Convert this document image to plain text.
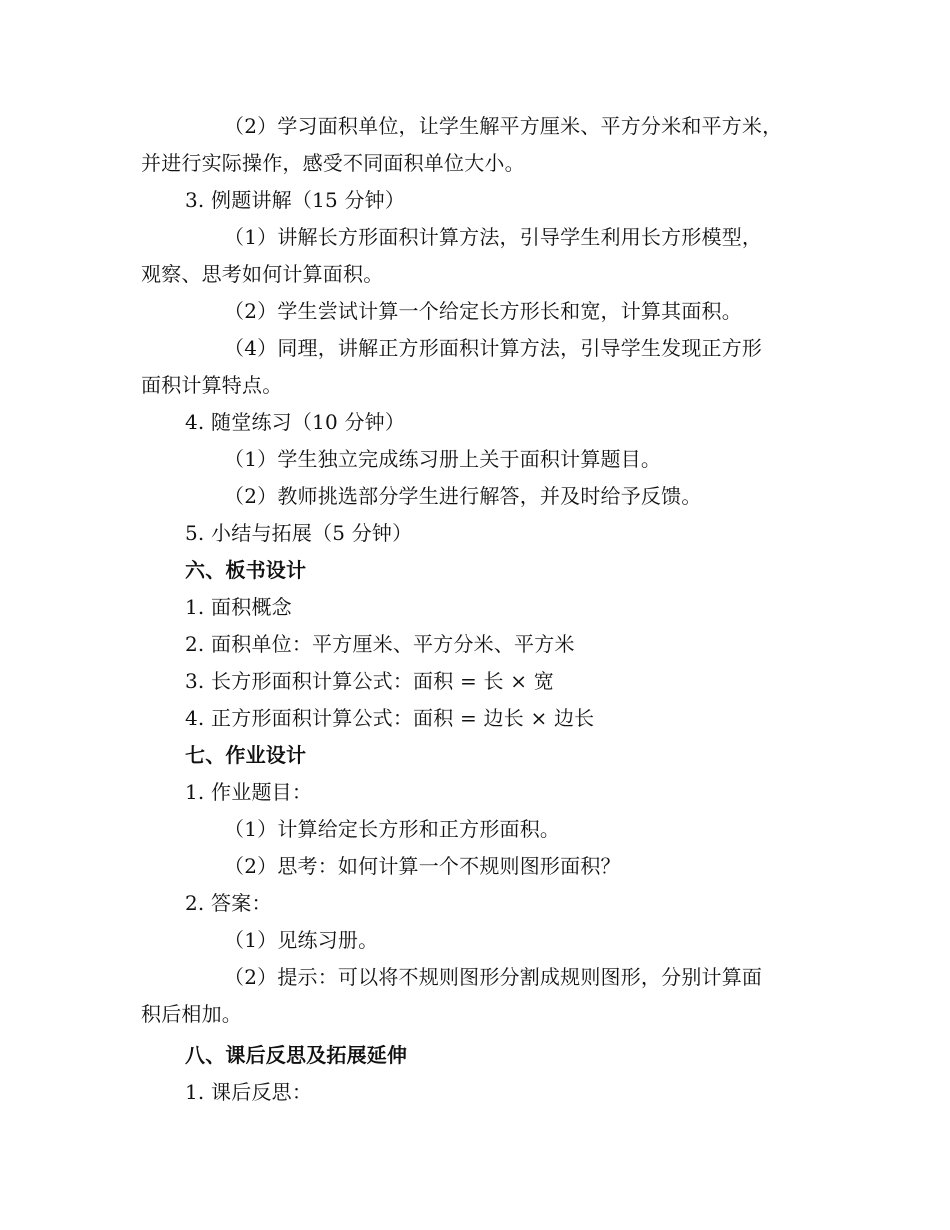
（2）学习面积单位，让学生解平方厘米、平方分米和平方米，
并进行实际操作，感受不同面积单位大小。
3. 例题讲解（15 分钟）
（1）讲解长方形面积计算方法，引导学生利用长方形模型，
观察、思考如何计算面积。
（2）学生尝试计算一个给定长方形长和宽，计算其面积。
（4）同理，讲解正方形面积计算方法，引导学生发现正方形
面积计算特点。
4. 随堂练习（10 分钟）
（1）学生独立完成练习册上关于面积计算题目。
（2）教师挑选部分学生进行解答，并及时给予反馈。
5. 小结与拓展（5 分钟）
六、板书设计
1. 面积概念
2. 面积单位：平方厘米、平方分米、平方米
3. 长方形面积计算公式：面积 = 长 × 宽
4. 正方形面积计算公式：面积 = 边长 × 边长
七、作业设计
1. 作业题目：
（1）计算给定长方形和正方形面积。
（2）思考：如何计算一个不规则图形面积？
2. 答案：
（1）见练习册。
（2）提示：可以将不规则图形分割成规则图形，分别计算面
积后相加。
八、课后反思及拓展延伸
1. 课后反思：
